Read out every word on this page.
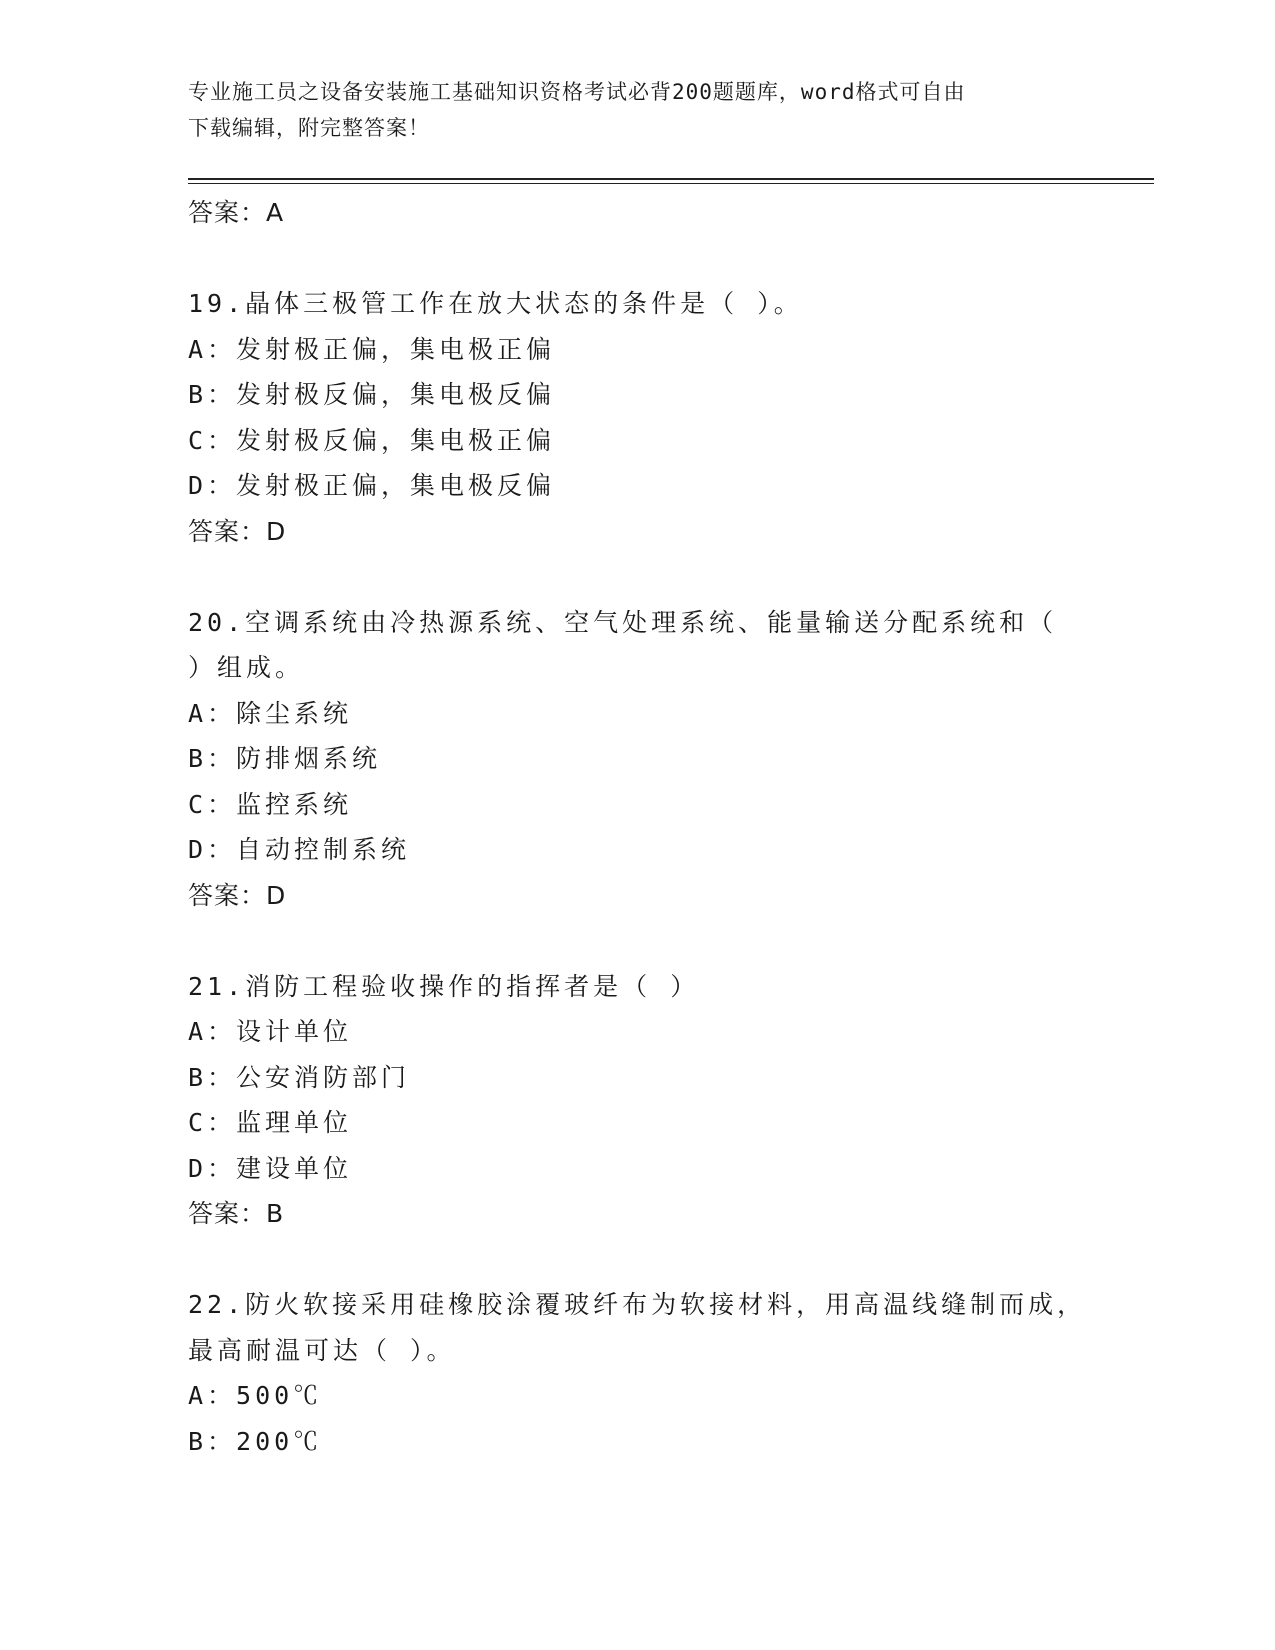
专业施工员之设备安装施工基础知识资格考试必背200题题库，word格式可自由
下载编辑，附完整答案！
答案：A
19.晶体三极管工作在放大状态的条件是（ ）。
A：发射极正偏，集电极正偏
B：发射极反偏，集电极反偏
C：发射极反偏，集电极正偏
D：发射极正偏，集电极反偏
答案：D
20.空调系统由冷热源系统、空气处理系统、能量输送分配系统和（
）组成。
A：除尘系统
B：防排烟系统
C：监控系统
D：自动控制系统
答案：D
21.消防工程验收操作的指挥者是（ ）
A：设计单位
B：公安消防部门
C：监理单位
D：建设单位
答案：B
22.防火软接采用硅橡胶涂覆玻纤布为软接材料，用高温线缝制而成，
最高耐温可达（ ）。
A：500℃
B：200℃
